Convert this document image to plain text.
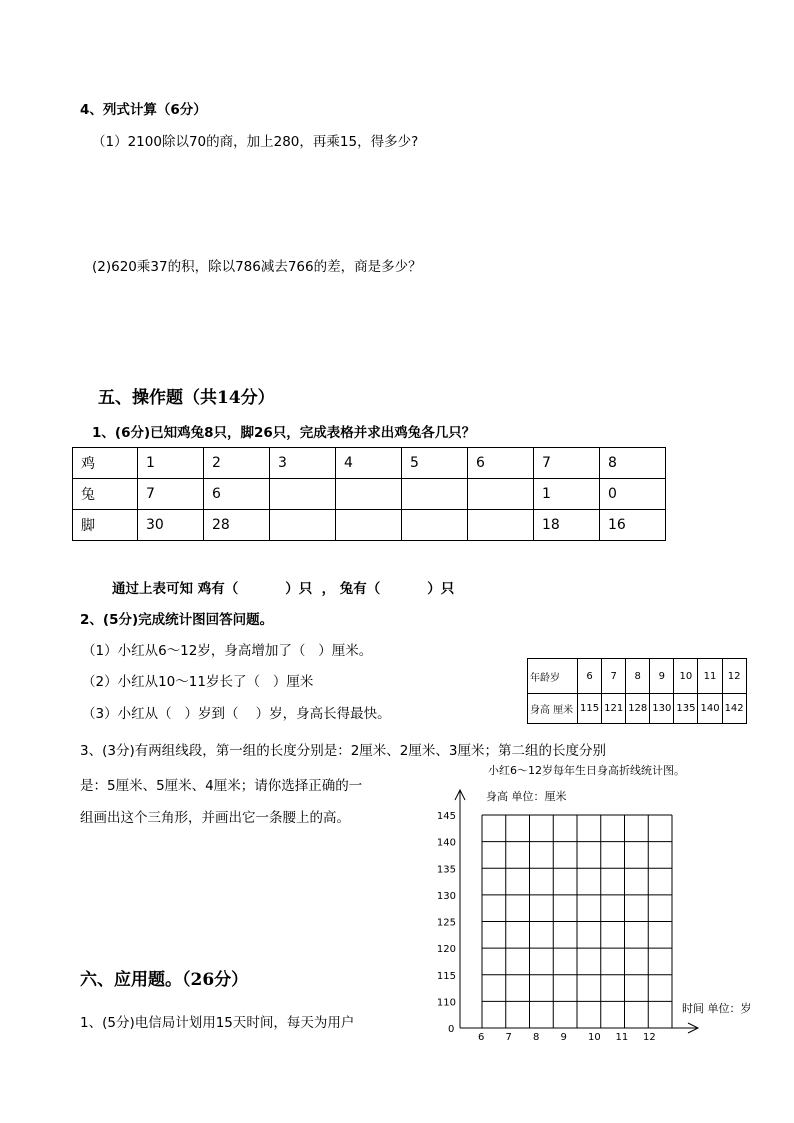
4、列式计算（6分）
（1）2100除以70的商，加上280，再乘15，得多少?
(2)620乘37的积，除以786减去766的差，商是多少？
五、操作题（共14分）
1、(6分)已知鸡兔8只，脚26只，完成表格并求出鸡兔各几只？
鸡	1	2	3	4	5	6	7	8
兔	7	6					1	0
脚	30	28					18	16
通过上表可知 鸡有（          ）只  ， 兔有（          ）只
2、(5分)完成统计图回答问题。
（1）小红从6～12岁，身高增加了（   ）厘米。
（2）小红从10～11岁长了（   ）厘米
（3）小红从（   ）岁到（    ）岁，身高长得最快。
年龄岁	6	7	8	9	10	11	12
身高 厘米	115	121	128	130	135	140	142
3、(3分)有两组线段，第一组的长度分别是：2厘米、2厘米、3厘米；第二组的长度分别
是：5厘米、5厘米、4厘米；请你选择正确的一
组画出这个三角形，并画出它一条腰上的高。
小红6～12岁每年生日身高折线统计图。
身高 单位：厘米
时间 单位：岁
0
145
140
135
130
125
120
115
110
6 7 8 9 10 11 12
六、应用题。（26分）
1、(5分)电信局计划用15天时间，每天为用户
